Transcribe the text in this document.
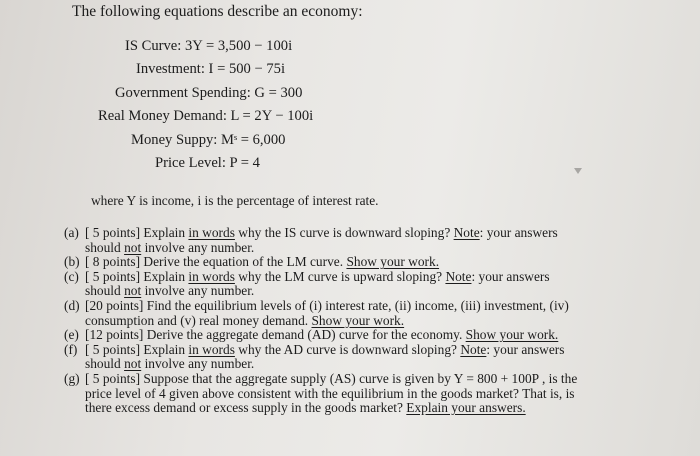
The following equations describe an economy:
IS Curve: 3Y = 3,500 − 100i
Investment: I = 500 − 75i
Government Spending: G = 300
Real Money Demand: L = 2Y − 100i
Money Suppy: Mˢ = 6,000
Price Level: P = 4
where Y is income, i is the percentage of interest rate.
(a) [ 5 points] Explain in words why the IS curve is downward sloping? Note: your answers
should not involve any number.
(b) [ 8 points] Derive the equation of the LM curve. Show your work.
(c) [ 5 points] Explain in words why the LM curve is upward sloping? Note: your answers
should not involve any number.
(d) [20 points] Find the equilibrium levels of (i) interest rate, (ii) income, (iii) investment, (iv)
consumption and (v) real money demand. Show your work.
(e) [12 points] Derive the aggregate demand (AD) curve for the economy. Show your work.
(f) [ 5 points] Explain in words why the AD curve is downward sloping? Note: your answers
should not involve any number.
(g) [ 5 points] Suppose that the aggregate supply (AS) curve is given by Y = 800 + 100P , is the
price level of 4 given above consistent with the equilibrium in the goods market? That is, is
there excess demand or excess supply in the goods market? Explain your answers.
